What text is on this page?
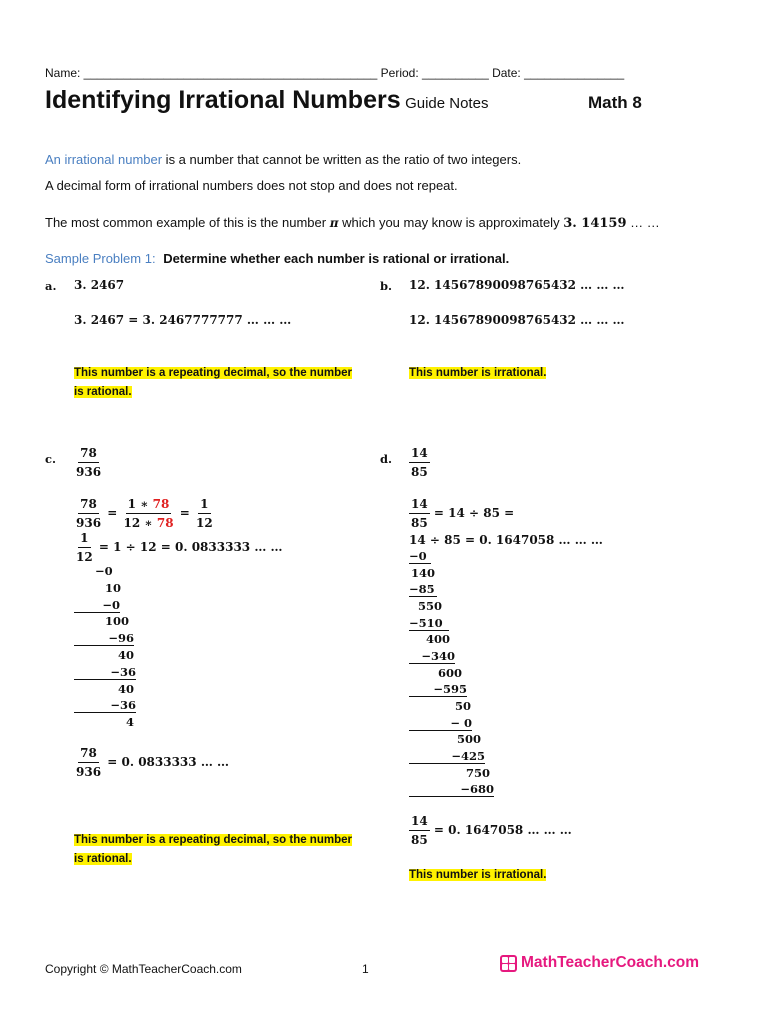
Name: ____________________________________________ Period: __________ Date: _______________
Identifying Irrational Numbers Guide Notes	Math 8
An irrational number is a number that cannot be written as the ratio of two integers.
A decimal form of irrational numbers does not stop and does not repeat.
The most common example of this is the number π which you may know is approximately 3. 14159 … …
Sample Problem 1: Determine whether each number is rational or irrational.
a. 3. 2467
3. 2467 = 3. 2467777777 … … …
This number is a repeating decimal, so the number
is rational.
b. 12. 14567890098765432 … … …
12. 14567890098765432 … … …
This number is irrational.
c. $\frac{78}{936}$
$\frac{78}{936} = \frac{1 ∗ 78}{12 ∗ 78} = \frac{1}{12}$
$\frac{1}{12} = 1 \div 12 = 0$. 0833333 … …
−0
10
−0
100
−96
40
−36
40
−36
4
$\frac{78}{936} = 0$. 0833333 … …
This number is a repeating decimal, so the number
is rational.
d. $\frac{14}{85}$
$\frac{14}{85} = 14 \div 85$ =
14 ÷ 85 = 0. 1647058 … … …
−0
140
−85
550
−510
400
−340
600
−595
50
− 0
500
−425
750
−680
$\frac{14}{85} = 0$. 1647058 … … …
This number is irrational.
Copyright © MathTeacherCoach.com	1	MathTeacherCoach.com
